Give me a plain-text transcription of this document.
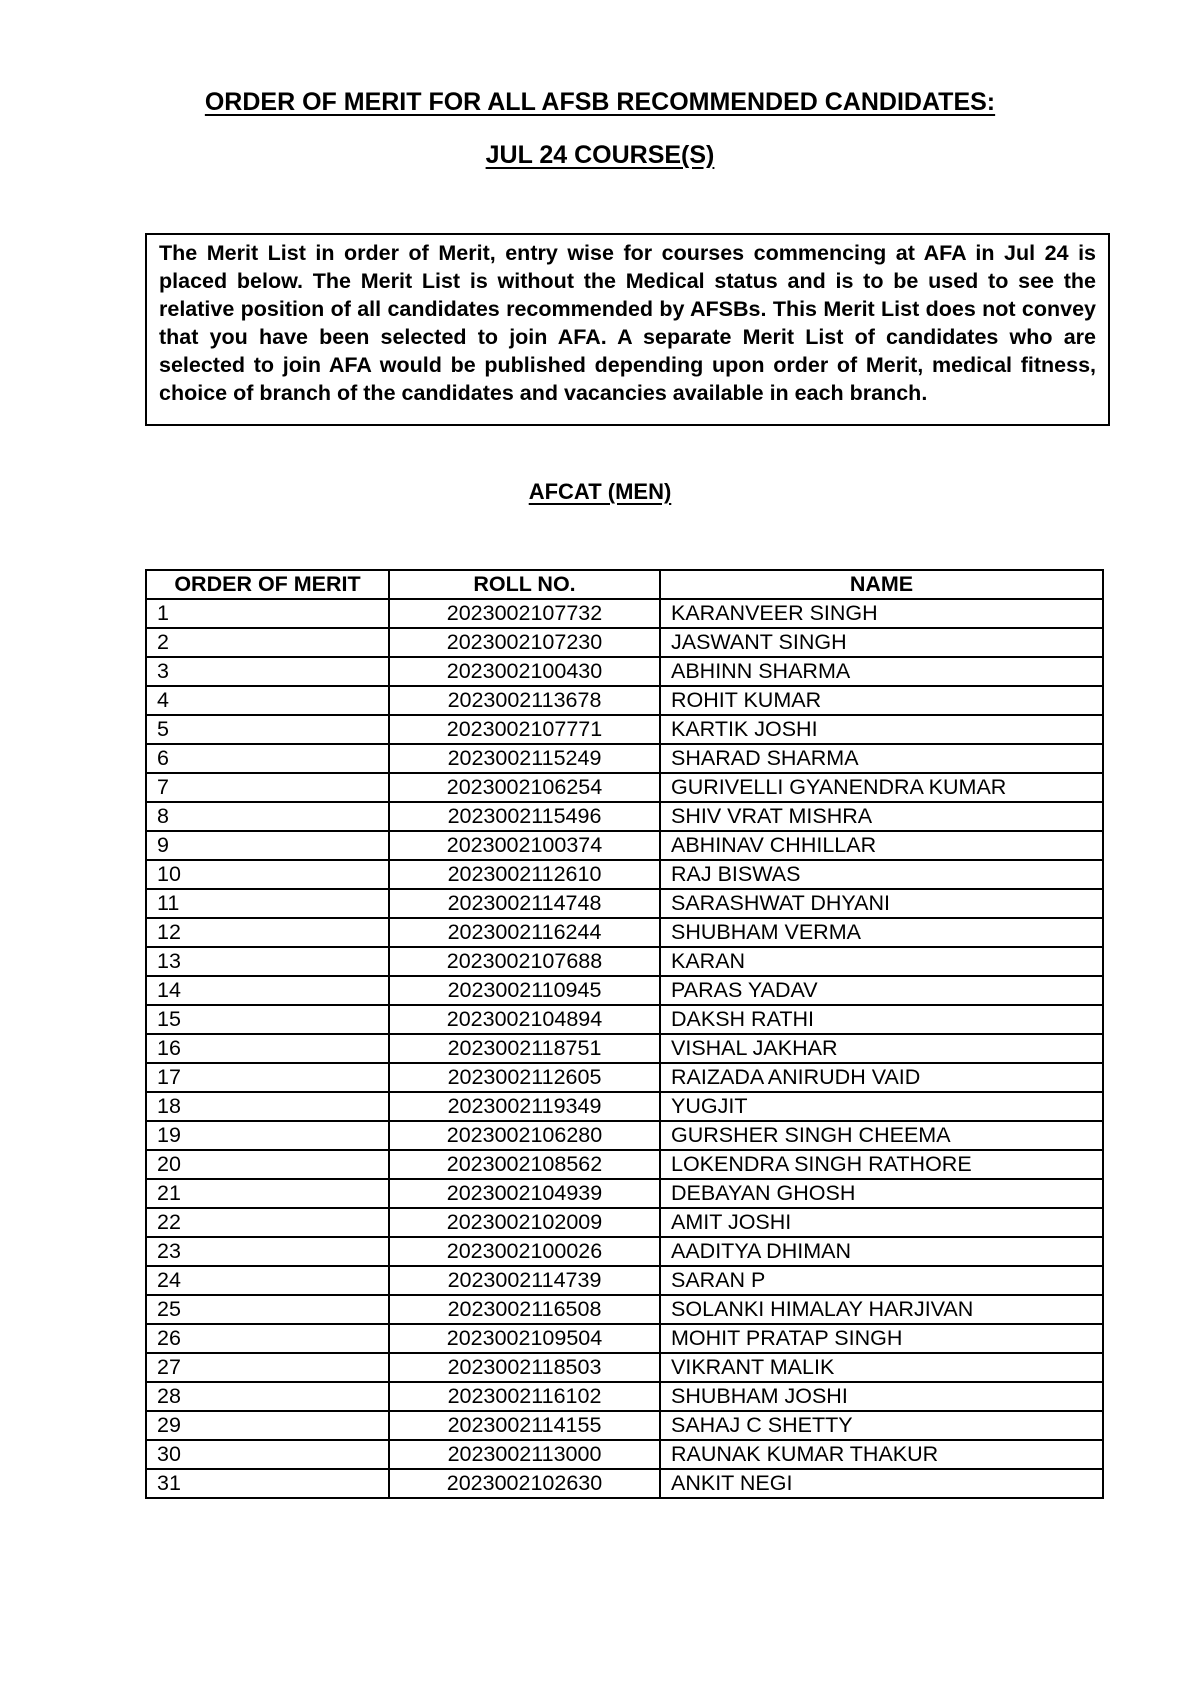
ORDER OF MERIT FOR ALL AFSB RECOMMENDED CANDIDATES:
JUL 24 COURSE(S)
The Merit List in order of Merit, entry wise for courses commencing at AFA in Jul 24 is placed below. The Merit List is without the Medical status and is to be used to see the relative position of all candidates recommended by AFSBs. This Merit List does not convey that you have been selected to join AFA. A separate Merit List of candidates who are selected to join AFA would be published depending upon order of Merit, medical fitness, choice of branch of the candidates and vacancies available in each branch.
AFCAT (MEN)
ORDER OF MERIT	ROLL NO.	NAME
1	2023002107732	KARANVEER SINGH
2	2023002107230	JASWANT SINGH
3	2023002100430	ABHINN SHARMA
4	2023002113678	ROHIT KUMAR
5	2023002107771	KARTIK JOSHI
6	2023002115249	SHARAD SHARMA
7	2023002106254	GURIVELLI GYANENDRA KUMAR
8	2023002115496	SHIV VRAT MISHRA
9	2023002100374	ABHINAV CHHILLAR
10	2023002112610	RAJ BISWAS
11	2023002114748	SARASHWAT DHYANI
12	2023002116244	SHUBHAM VERMA
13	2023002107688	KARAN
14	2023002110945	PARAS YADAV
15	2023002104894	DAKSH RATHI
16	2023002118751	VISHAL JAKHAR
17	2023002112605	RAIZADA ANIRUDH VAID
18	2023002119349	YUGJIT
19	2023002106280	GURSHER SINGH CHEEMA
20	2023002108562	LOKENDRA SINGH RATHORE
21	2023002104939	DEBAYAN GHOSH
22	2023002102009	AMIT JOSHI
23	2023002100026	AADITYA DHIMAN
24	2023002114739	SARAN P
25	2023002116508	SOLANKI HIMALAY HARJIVAN
26	2023002109504	MOHIT PRATAP SINGH
27	2023002118503	VIKRANT MALIK
28	2023002116102	SHUBHAM JOSHI
29	2023002114155	SAHAJ C SHETTY
30	2023002113000	RAUNAK KUMAR THAKUR
31	2023002102630	ANKIT NEGI
